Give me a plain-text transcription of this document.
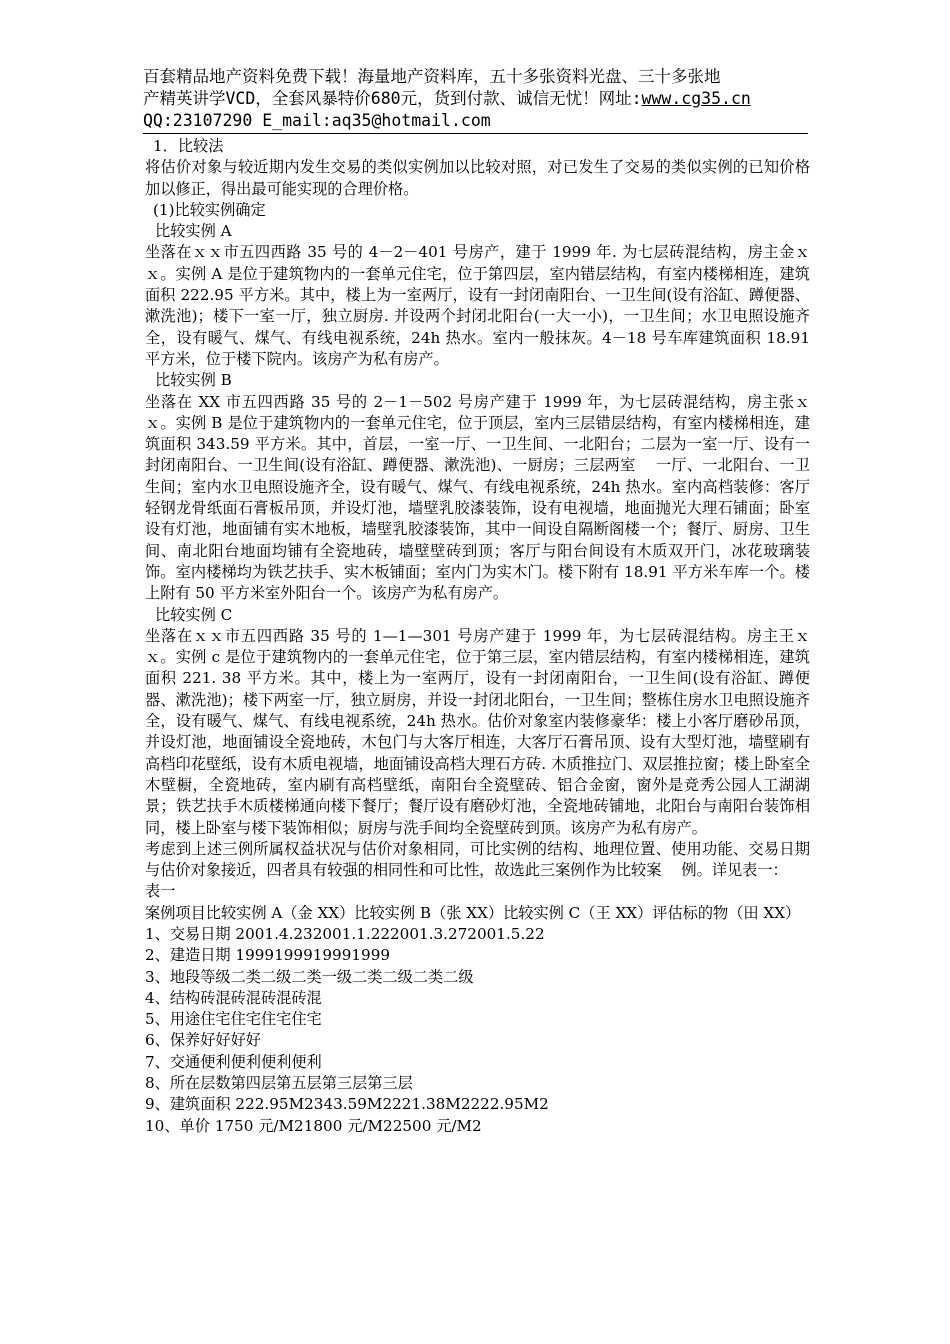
百套精品地产资料免费下载！海量地产资料库，五十多张资料光盘、三十多张地
产精英讲学VCD，全套风暴特价680元，货到付款、诚信无忧！网址:www.cg35.cn
QQ:23107290 E_mail:aq35@hotmail.com

1．比较法

将估价对象与较近期内发生交易的类似实例加以比较对照，对已发生了交易的类似实例的已知价格加以修正，得出最可能实现的合理价格。

(1)比较实例确定

比较实例 A

坐落在ｘｘ市五四西路 35 号的 4－2－401 号房产，建于 1999 年. 为七层砖混结构，房主金ｘｘ。实例 A 是位于建筑物内的一套单元住宅，位于第四层，室内错层结构，有室内楼梯相连，建筑面积 222.95 平方米。其中，楼上为一室两厅，设有一封闭南阳台、一卫生间(设有浴缸、蹲便器、漱洗池)；楼下一室一厅，独立厨房. 并设两个封闭北阳台(一大一小)，一卫生间；水卫电照设施齐全，设有暖气、煤气、有线电视系统，24h 热水。室内一般抹灰。4－18 号车库建筑面积 18.91 平方米，位于楼下院内。该房产为私有房产。

比较实例 B

坐落在 XX 市五四西路 35 号的 2－1－502 号房产建于 1999 年，为七层砖混结构，房主张ｘｘ。实例 B 是位于建筑物内的一套单元住宅，位于顶层，室内三层错层结构，有室内楼梯相连，建筑面积 343.59 平方米。其中，首层，一室一厅、一卫生间、一北阳台；二层为一室一厅、设有一封闭南阳台、一卫生间(设有浴缸、蹲便器、漱洗池)、一厨房；三层两室　 一厅、一北阳台、一卫生间；室内水卫电照设施齐全，设有暖气、煤气、有线电视系统，24h 热水。室内高档装修：客厅轻钢龙骨纸面石膏板吊顶，并设灯池，墙壁乳胶漆装饰，设有电视墙，地面抛光大理石铺面；卧室设有灯池，地面铺有实木地板，墙壁乳胶漆装饰，其中一间设自隔断阁楼一个；餐厅、厨房、卫生间、南北阳台地面均铺有全瓷地砖，墙壁壁砖到顶；客厅与阳台间设有木质双开门，冰花玻璃装饰。室内楼梯均为铁艺扶手、实木板铺面；室内门为实木门。楼下附有 18.91 平方米车库一个。楼上附有 50 平方米室外阳台一个。该房产为私有房产。

比较实例 C

坐落在ｘｘ市五四西路 35 号的 1—1—301 号房产建于 1999 年，为七层砖混结构。房主王ｘｘ。实例 c 是位于建筑物内的一套单元住宅，位于第三层，室内错层结构，有室内楼梯相连，建筑面积 221. 38 平方米。其中，楼上为一室两厅，设有一封闭南阳台，一卫生间(设有浴缸、蹲便器、漱洗池)；楼下两室一厅，独立厨房，并设一封闭北阳台，一卫生间；整栋住房水卫电照设施齐全，设有暖气、煤气、有线电视系统，24h 热水。估价对象室内装修豪华：楼上小客厅磨砂吊顶，并设灯池，地面铺设全瓷地砖，木包门与大客厅相连，大客厅石膏吊顶、设有大型灯池，墙壁刷有高档印花壁纸，设有木质电视墙，地面铺设高档大理石方砖. 木质推拉门、双层推拉窗；楼上卧室全木壁橱，全瓷地砖，室内刷有高档壁纸，南阳台全瓷壁砖、铝合金窗，窗外是竞秀公园人工湖湖景；铁艺扶手木质楼梯通向楼下餐厅；餐厅设有磨砂灯池，全瓷地砖铺地，北阳台与南阳台装饰相同，楼上卧室与楼下装饰相似；厨房与洗手间均全瓷壁砖到顶。该房产为私有房产。

考虑到上述三例所属权益状况与估价对象相同，可比实例的结构、地理位置、使用功能、交易日期与估价对象接近，四者具有较强的相同性和可比性，故选此三案例作为比较案　 例。详见表一：

表一

案例项目比较实例 A（金 XX）比较实例 B（张 XX）比较实例 C（王 XX）评估标的物（田 XX）

1、交易日期 2001.4.232001.1.222001.3.272001.5.22

2、建造日期 1999199919991999

3、地段等级二类二级二类一级二类二级二类二级

4、结构砖混砖混砖混砖混

5、用途住宅住宅住宅住宅

6、保养好好好好

7、交通便利便利便利便利

8、所在层数第四层第五层第三层第三层

9、建筑面积 222.95M2343.59M2221.38M2222.95M2

10、单价 1750 元/M21800 元/M22500 元/M2
